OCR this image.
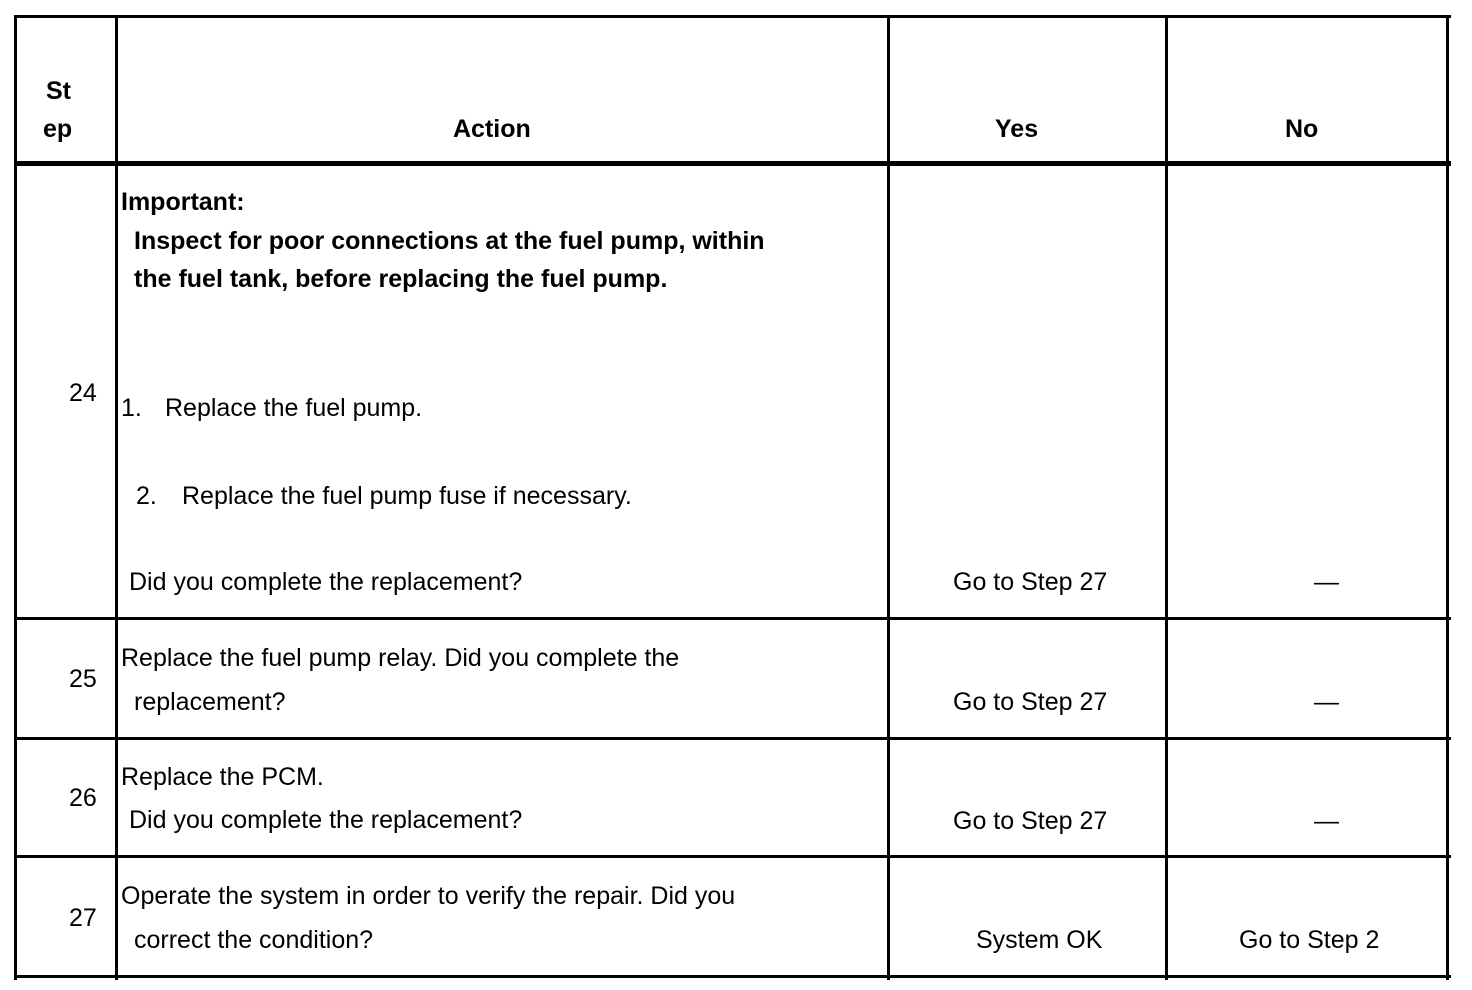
St
ep	Action	Yes	No
24
Important:
Inspect for poor connections at the fuel pump, within
the fuel tank, before replacing the fuel pump.
1. Replace the fuel pump.
2. Replace the fuel pump fuse if necessary.
Did you complete the replacement?	Go to Step 27	—
25
Replace the fuel pump relay. Did you complete the
replacement?	Go to Step 27	—
26
Replace the PCM.
Did you complete the replacement?	Go to Step 27	—
27
Operate the system in order to verify the repair. Did you
correct the condition?	System OK	Go to Step 2
